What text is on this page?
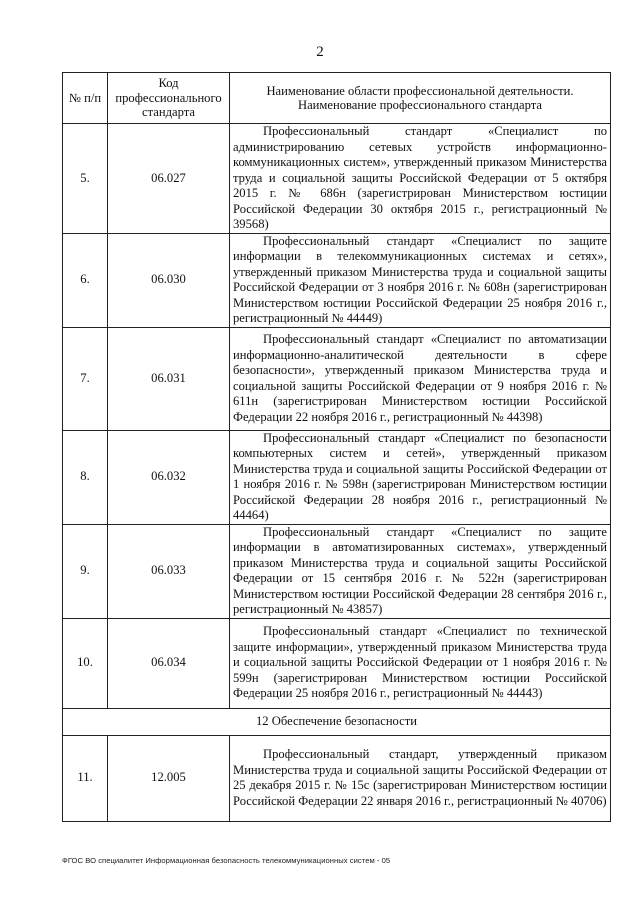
2
№ п/п	Код профессионального стандарта	Наименование области профессиональной деятельности.
Наименование профессионального стандарта

5.	06.027	Профессиональный стандарт «Специалист по администрированию сетевых устройств информационно-коммуникационных систем», утвержденный приказом Министерства труда и социальной защиты Российской Федерации от 5 октября 2015 г. № 686н (зарегистрирован Министерством юстиции Российской Федерации 30 октября 2015 г., регистрационный № 39568)

6.	06.030	Профессиональный стандарт «Специалист по защите информации в телекоммуникационных системах и сетях», утвержденный приказом Министерства труда и социальной защиты Российской Федерации от 3 ноября 2016 г. № 608н (зарегистрирован Министерством юстиции Российской Федерации 25 ноября 2016 г., регистрационный № 44449)

7.	06.031	Профессиональный стандарт «Специалист по автоматизации информационно-аналитической деятельности в сфере безопасности», утвержденный приказом Министерства труда и социальной защиты Российской Федерации от 9 ноября 2016 г. № 611н (зарегистрирован Министерством юстиции Российской Федерации 22 ноября 2016 г., регистрационный № 44398)

8.	06.032	Профессиональный стандарт «Специалист по безопасности компьютерных систем и сетей», утвержденный приказом Министерства труда и социальной защиты Российской Федерации от 1 ноября 2016 г. № 598н (зарегистрирован Министерством юстиции Российской Федерации 28 ноября 2016 г., регистрационный № 44464)

9.	06.033	Профессиональный стандарт «Специалист по защите информации в автоматизированных системах», утвержденный приказом Министерства труда и социальной защиты Российской Федерации от 15 сентября 2016 г. № 522н (зарегистрирован Министерством юстиции Российской Федерации 28 сентября 2016 г., регистрационный № 43857)

10.	06.034	Профессиональный стандарт «Специалист по технической защите информации», утвержденный приказом Министерства труда и социальной защиты Российской Федерации от 1 ноября 2016 г. № 599н (зарегистрирован Министерством юстиции Российской Федерации 25 ноября 2016 г., регистрационный № 44443)

12 Обеспечение безопасности		
11.	12.005	Профессиональный стандарт, утвержденный приказом Министерства труда и социальной защиты Российской Федерации от 25 декабря 2015 г. № 15с (зарегистрирован Министерством юстиции Российской Федерации 22 января 2016 г., регистрационный № 40706)
ФГОС ВО специалитет Информационная безопасность телекоммуникационных систем - 05
